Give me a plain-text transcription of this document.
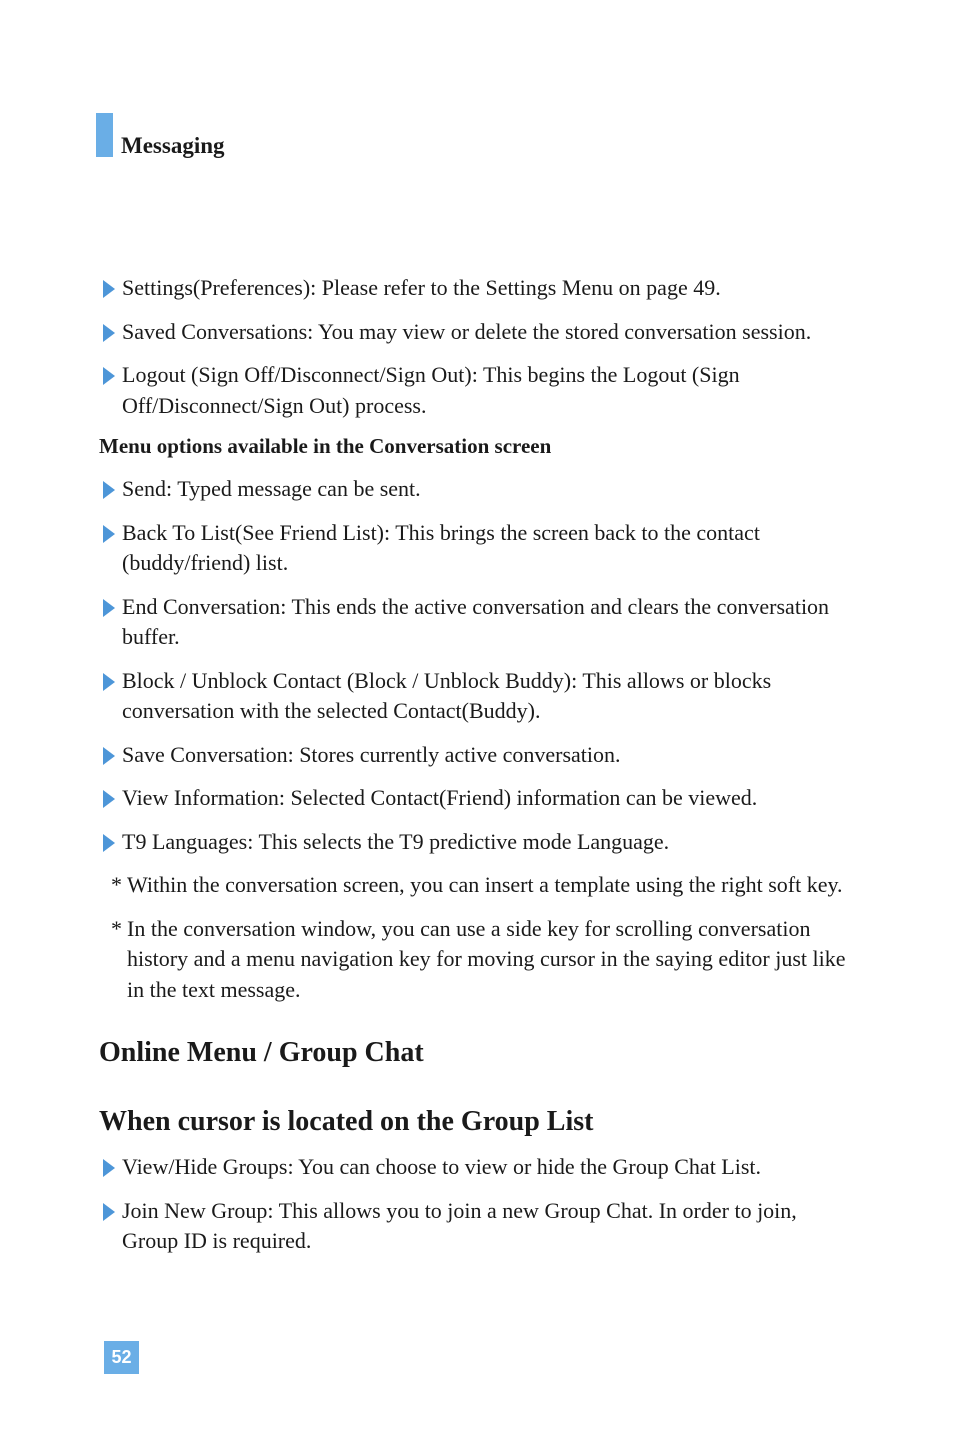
Messaging
Settings(Preferences): Please refer to the Settings Menu on page 49.
Saved Conversations: You may view or delete the stored conversation session.
Logout (Sign Off/Disconnect/Sign Out): This begins the Logout (Sign Off/Disconnect/Sign Out) process.
Menu options available in the Conversation screen
Send: Typed message can be sent.
Back To List(See Friend List): This brings the screen back to the contact (buddy/friend) list.
End Conversation: This ends the active conversation and clears the conversation buffer.
Block / Unblock Contact (Block / Unblock Buddy): This allows or blocks conversation with the selected Contact(Buddy).
Save Conversation: Stores currently active conversation.
View Information: Selected Contact(Friend) information can be viewed.
T9 Languages: This selects the T9 predictive mode Language.
* Within the conversation screen, you can insert a template using the right soft key.
* In the conversation window, you can use a side key for scrolling conversation history and a menu navigation key for moving cursor in the saying editor just like in the text message.
Online Menu / Group Chat
When cursor is located on the Group List
View/Hide Groups: You can choose to view or hide the Group Chat List.
Join New Group: This allows you to join a new Group Chat. In order to join, Group ID is required.
52
